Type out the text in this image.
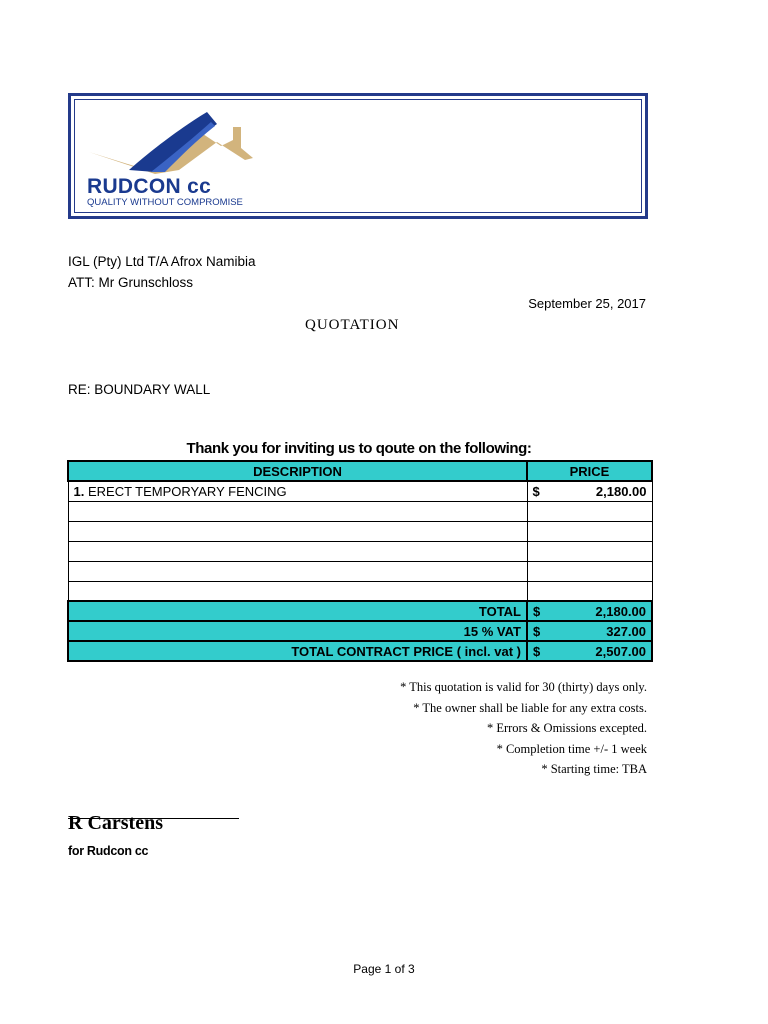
RUDCON cc
QUALITY WITHOUT COMPROMISE
IGL (Pty) Ltd T/A Afrox Namibia
ATT: Mr Grunschloss
September 25, 2017
QUOTATION
RE: BOUNDARY WALL
Thank you for inviting us to qoute on the following:
DESCRIPTION	PRICE
1. ERECT TEMPORYARY FENCING	$ 2,180.00

TOTAL	$ 2,180.00

15 % VAT	$ 327.00

TOTAL CONTRACT PRICE ( incl. vat )	$ 2,507.00
* This quotation is valid for 30 (thirty) days only.
* The owner shall be liable for any extra costs.
* Errors & Omissions excepted.
* Completion time +/- 1 week
* Starting time: TBA
R Carstens
for Rudcon cc
Page 1 of 3
